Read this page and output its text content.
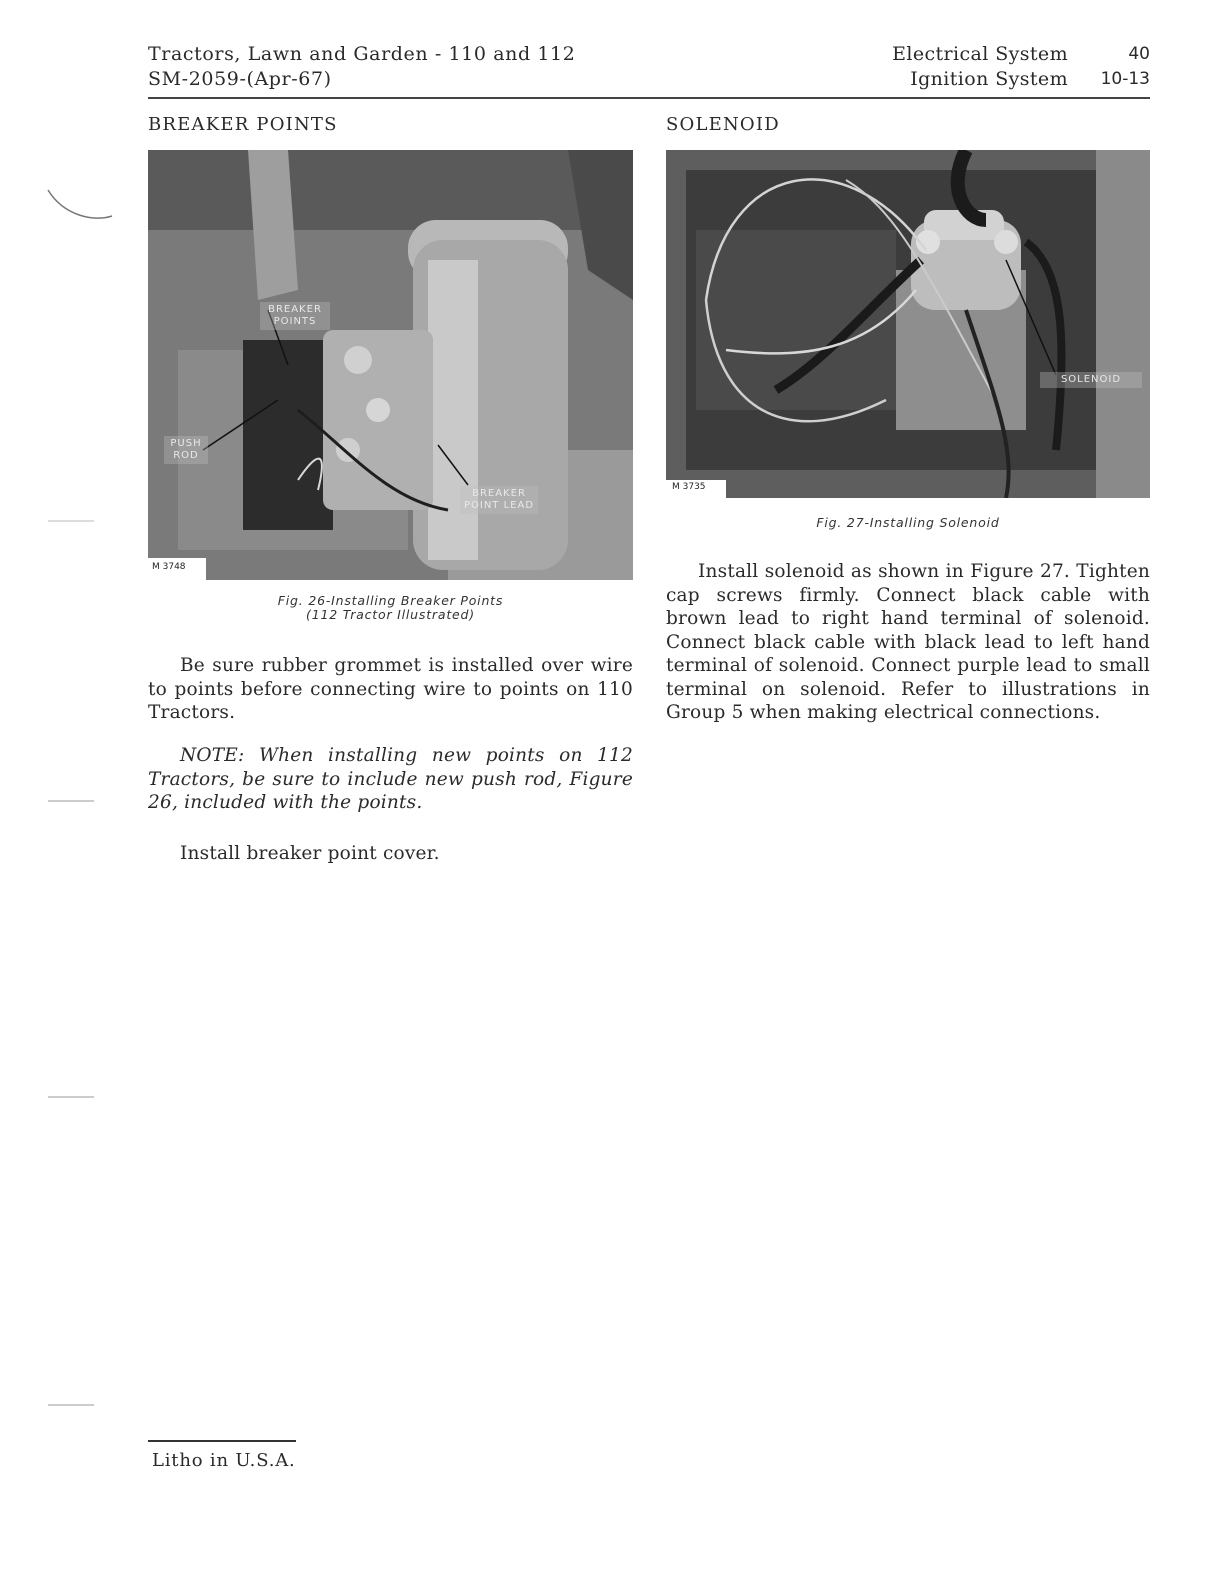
Tractors, Lawn and Garden - 110 and 112
SM-2059-(Apr-67)
Electrical System
Ignition System
40
10-13
BREAKER POINTS
BREAKER POINTS
PUSH ROD
BREAKER POINT LEAD
M 3748
Fig. 26-Installing Breaker Points
(112 Tractor Illustrated)
Be sure rubber grommet is installed over wire to points before connecting wire to points on 110 Tractors.
NOTE: When installing new points on 112 Tractors, be sure to include new push rod, Figure 26, included with the points.
Install breaker point cover.
SOLENOID
SOLENOID
M 3735
Fig. 27-Installing Solenoid
Install solenoid as shown in Figure 27. Tighten cap screws firmly. Connect black cable with brown lead to right hand terminal of solenoid. Connect black cable with black lead to left hand terminal of solenoid. Connect purple lead to small terminal on solenoid. Refer to illustrations in Group 5 when making electrical connections.
Litho in U.S.A.
